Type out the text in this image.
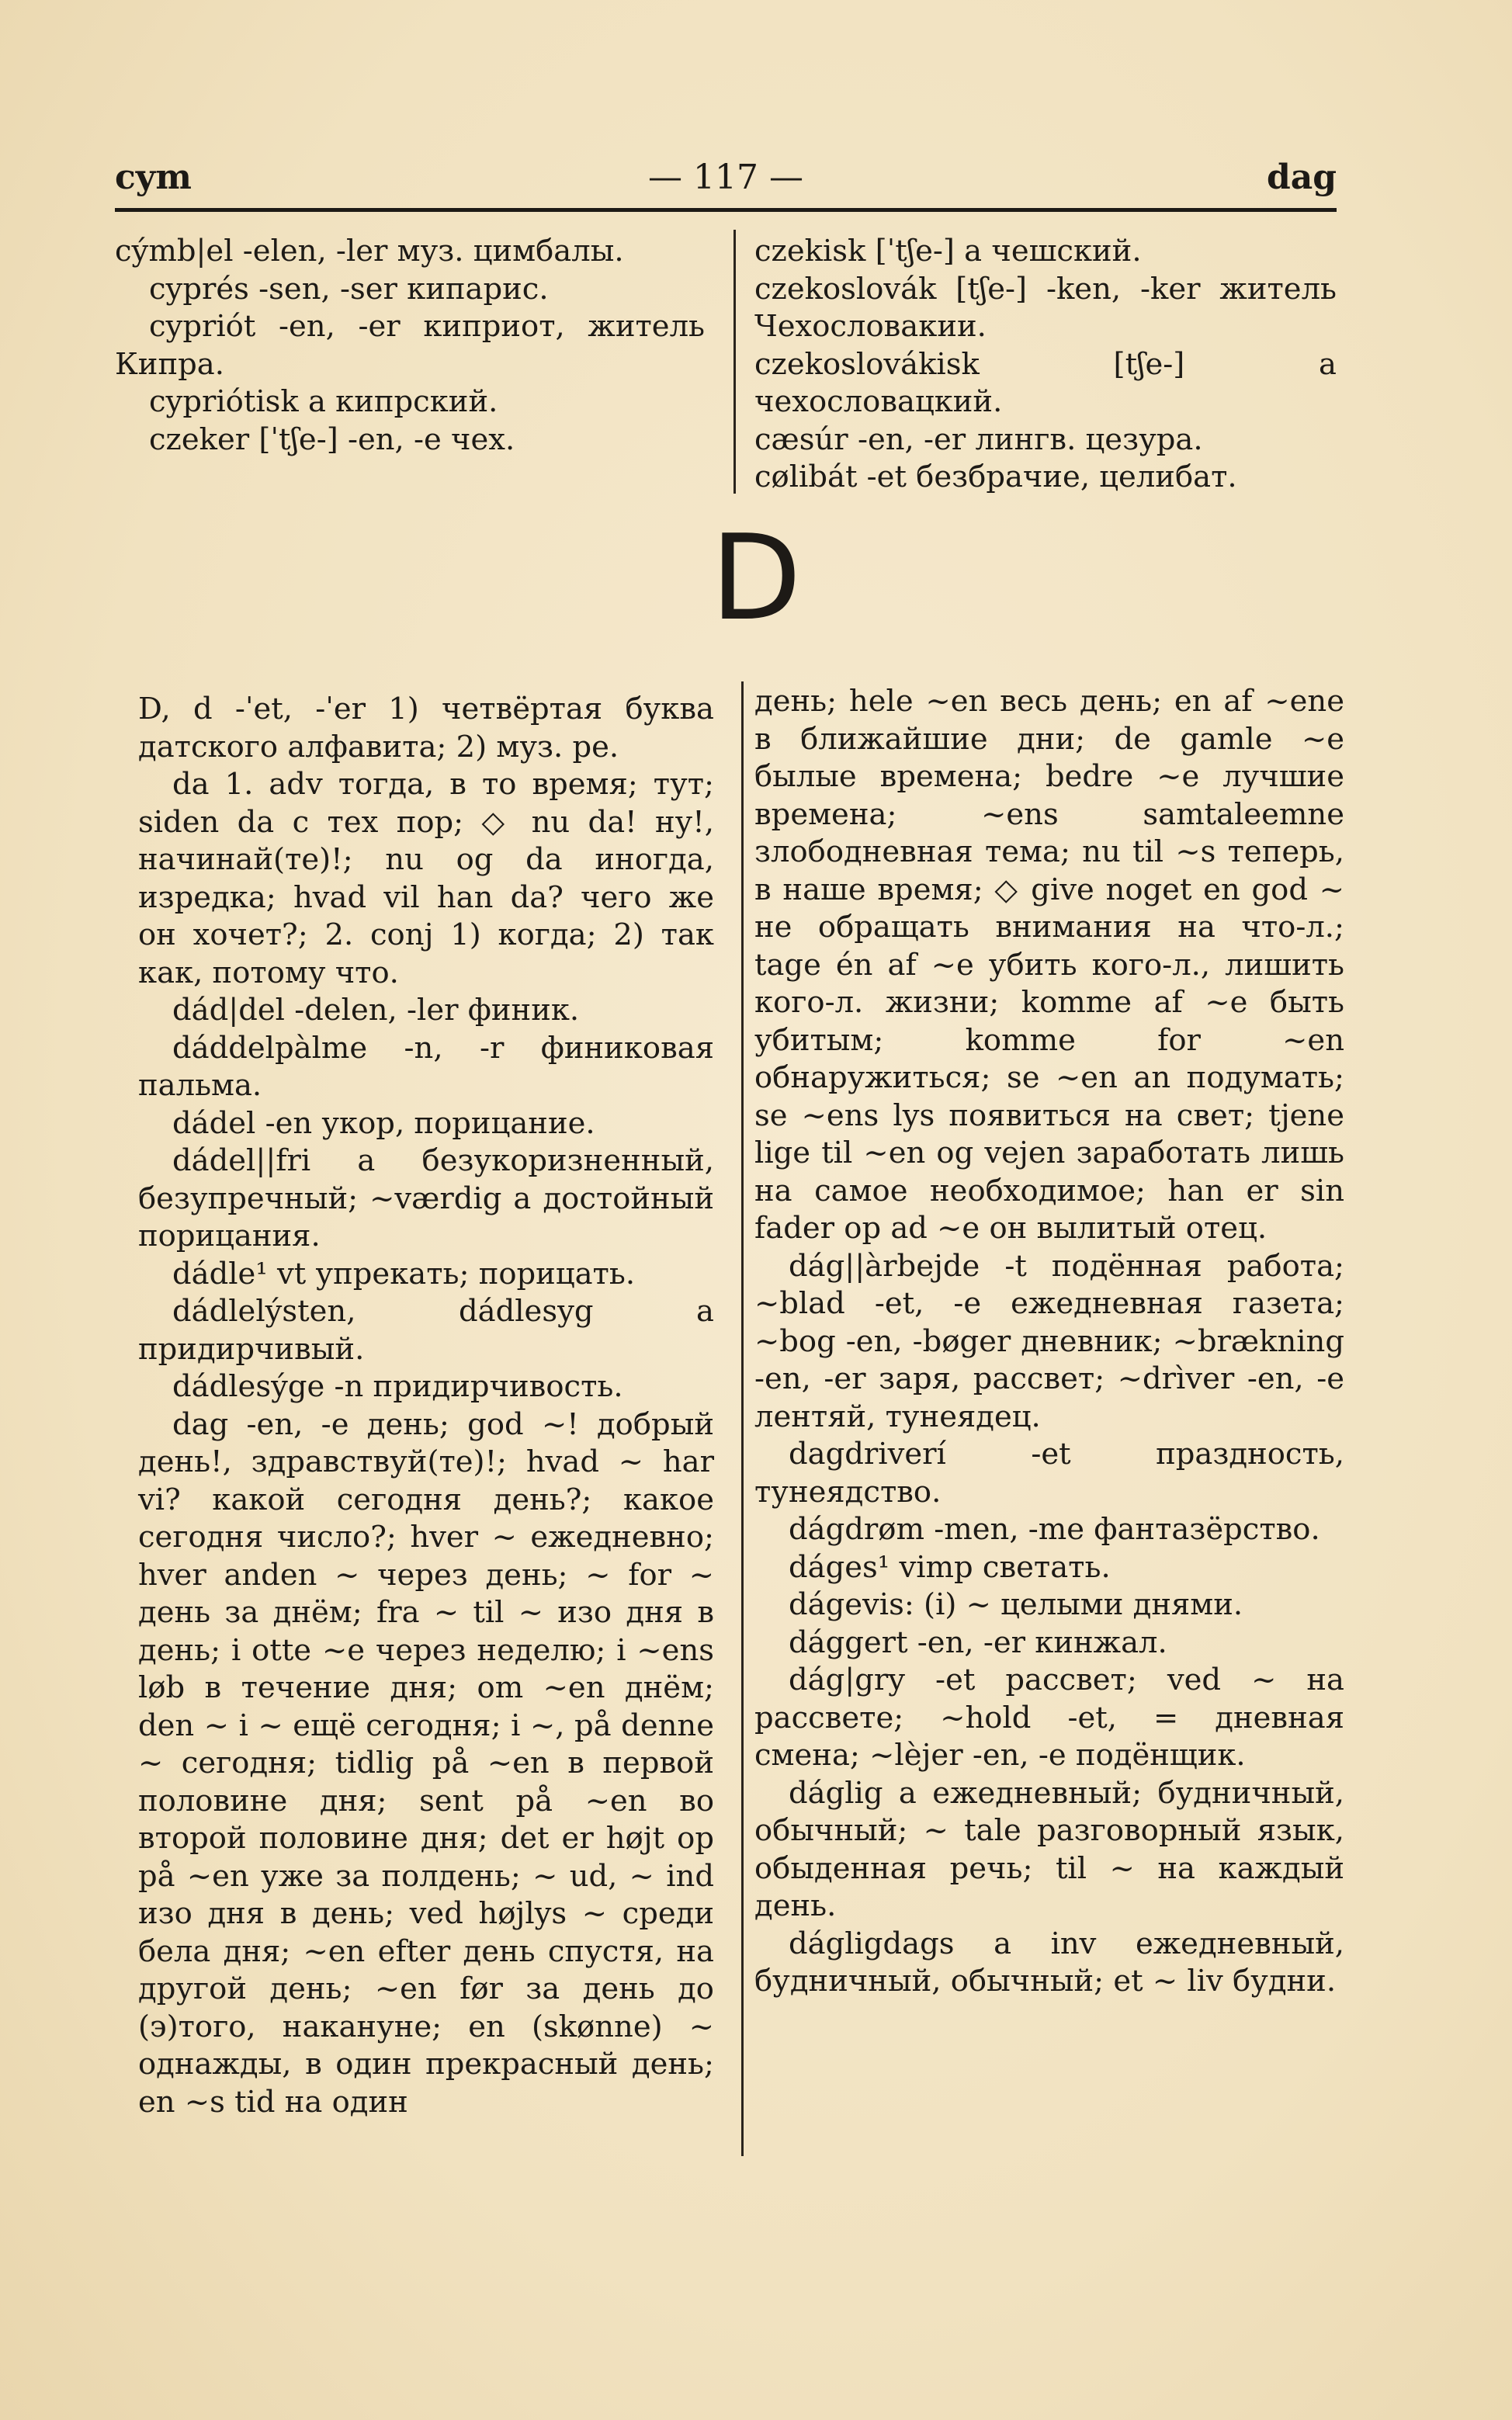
cym	— 117 —	dag

cýmb|el -elen, -ler муз. цимбалы.

cyprés -sen, -ser кипарис.

cypriót -en, -er киприот, житель Кипра.

cypriótisk a кипрский.

czeker [ˈtʃe-] -en, -e чех.

czekisk [ˈtʃe-] a чешский.

czekoslovák [tʃe-] -ken, -ker житель Чехословакии.

czekoslovákisk [tʃe-] a чехословацкий.

cæsúr -en, -er лингв. цезура.

cølibát -et безбрачие, целибат.

D

D, d -ˈet, -ˈer 1) четвёртая буква датского алфавита; 2) муз. ре.

da 1. adv тогда, в то время; тут; siden da с тех пор; ◇ nu da! ну!, начинай(те)!; nu og da иногда, изредка; hvad vil han da? чего же он хочет?; 2. conj 1) когда; 2) так как, потому что.

dád|del -delen, -ler финик.

dáddelpàlme -n, -r финиковая пальма.

dádel -en укор, порицание.

dádel||fri a безукоризненный, безупречный; ~værdig a достойный порицания.

dádle¹ vt упрекать; порицать.

dádlelýsten, dádlesyg a придирчивый.

dádlesýge -n придирчивость.

dag -en, -e день; god ~! добрый день!, здравствуй(те)!; hvad ~ har vi? какой сегодня день?; какое сегодня число?; hver ~ ежедневно; hver anden ~ через день; ~ for ~ день за днём; fra ~ til ~ изо дня в день; i otte ~e через неделю; i ~ens løb в течение дня; om ~en днём; den ~ i ~ ещё сегодня; i ~, på denne ~ сегодня; tidlig på ~en в первой половине дня; sent på ~en во второй половине дня; det er højt op på ~en уже за полдень; ~ ud, ~ ind изо дня в день; ved højlys ~ среди бела дня; ~en efter день спустя, на другой день; ~en før за день до (э)того, накануне; en (skønne) ~ однажды, в один прекрасный день; en ~s tid на один

день; hele ~en весь день; en af ~ene в ближайшие дни; de gamle ~e былые времена; bedre ~e лучшие времена; ~ens samtaleemne злободневная тема; nu til ~s теперь, в наше время; ◇ give noget en god ~ не обращать внимания на что-л.; tage én af ~e убить кого-л., лишить кого-л. жизни; komme af ~e быть убитым; komme for ~en обнаружиться; se ~en an подумать; se ~ens lys появиться на свет; tjene lige til ~en og vejen заработать лишь на самое необходимое; han er sin fader op ad ~e он вылитый отец.

dág||àrbejde -t подённая работа; ~blad -et, -e ежедневная газета; ~bog -en, -bøger дневник; ~brækning -en, -er заря, рассвет; ~drìver -en, -e лентяй, тунеядец.

dagdriverí -et праздность, тунеядство.

dágdrøm -men, -me фантазёрство.

dáges¹ vimp светать.

dágevis: (i) ~ целыми днями.

dággert -en, -er кинжал.

dág|gry -et рассвет; ved ~ на рассвете; ~hold -et, = дневная смена; ~lèjer -en, -e подёнщик.

dáglig a ежедневный; будничный, обычный; ~ tale разговорный язык, обыденная речь; til ~ на каждый день.

dágligdags a inv ежедневный, будничный, обычный; et ~ liv будни.
